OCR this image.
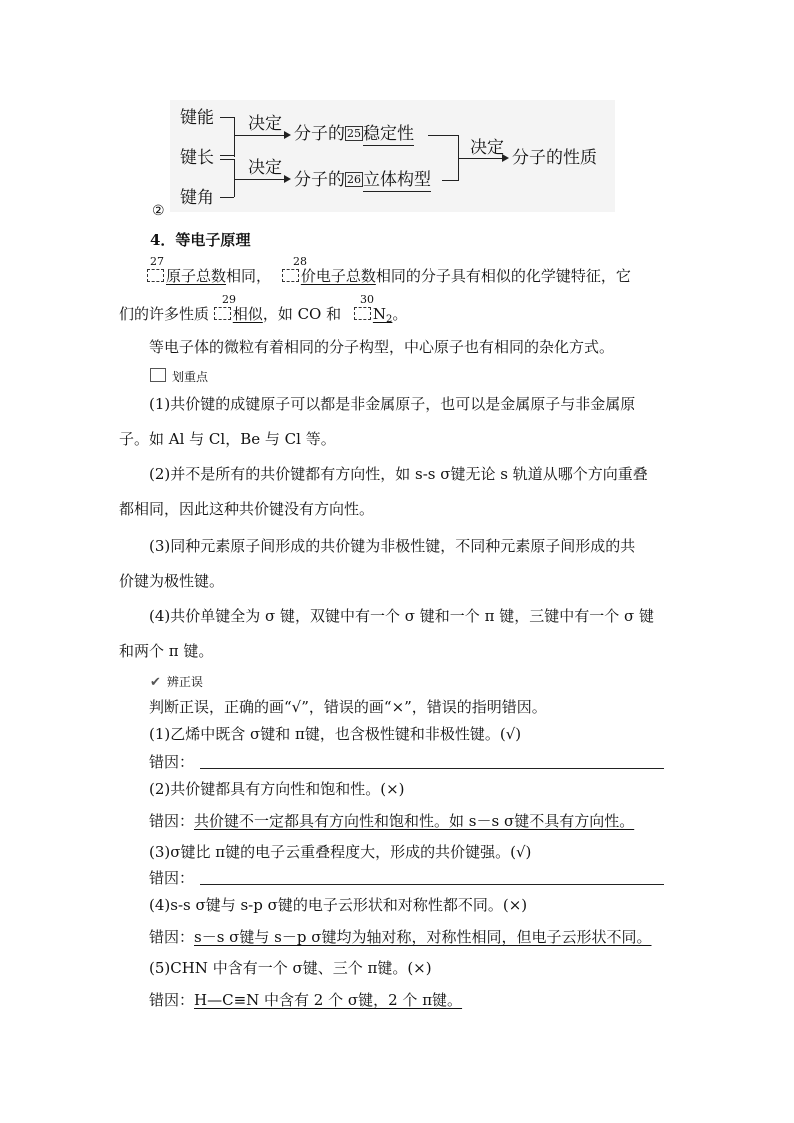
键能
键长
键角
决定
决定
分子的 25 稳定性
分子的 26 立体构型
决定 分子的性质
②
4．等电子原理
27
原子总数相同，
28
价电子总数相同的分子具有相似的化学键特征，它
们的许多性质
29
相似，如 CO 和
30
$N_2$。
等电子体的微粒有着相同的分子构型，中心原子也有相同的杂化方式。
划重点
(1)共价键的成键原子可以都是非金属原子，也可以是金属原子与非金属原
子。如 Al 与 Cl，Be 与 Cl 等。
(2)并不是所有的共价键都有方向性，如 s-s σ键无论 s 轨道从哪个方向重叠
都相同，因此这种共价键没有方向性。
(3)同种元素原子间形成的共价键为非极性键，不同种元素原子间形成的共
价键为极性键。
(4)共价单键全为 σ 键，双键中有一个 σ 键和一个 π 键，三键中有一个 σ 键
和两个 π 键。
✔ 辨正误
判断正误，正确的画“√”，错误的画“×”，错误的指明错因。
(1)乙烯中既含 σ键和 π键，也含极性键和非极性键。(√)
错因：
(2)共价键都具有方向性和饱和性。(×)
错因：共价键不一定都具有方向性和饱和性。如 s－s σ键不具有方向性。
(3)σ键比 π键的电子云重叠程度大，形成的共价键强。(√)
错因：
(4)s-s σ键与 s-p σ键的电子云形状和对称性都不同。(×)
错因：s－s σ键与 s－p σ键均为轴对称，对称性相同，但电子云形状不同。
(5)CHN 中含有一个 σ键、三个 π键。(×)
错因：H—C≡N 中含有 2 个 σ键，2 个 π键。
